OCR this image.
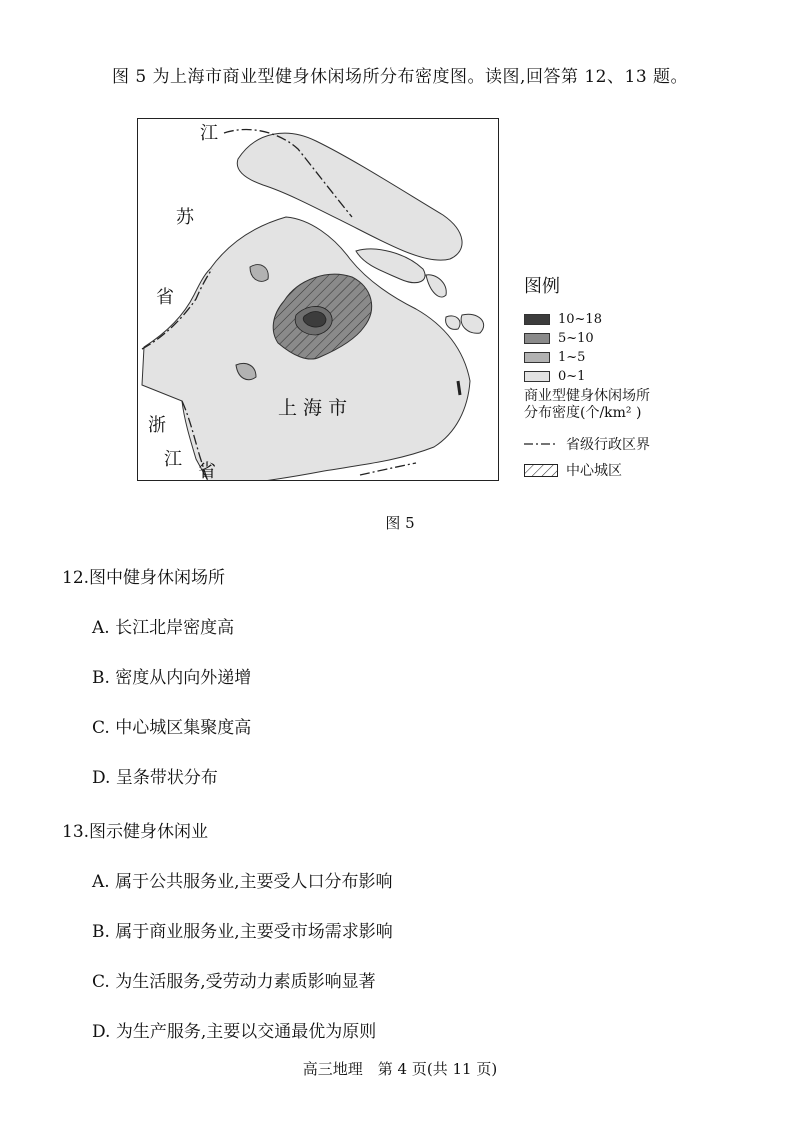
图 5 为上海市商业型健身休闲场所分布密度图。读图,回答第 12、13 题。

江
苏
省
浙
江
省
上 海 市
图例
10~18
5~10
1~5
0~1
商业型健身休闲场所
分布密度(个/km² )
省级行政区界
中心城区

图 5

12.图中健身休闲场所

A. 长江北岸密度高

B. 密度从内向外递增

C. 中心城区集聚度高

D. 呈条带状分布

13.图示健身休闲业

A. 属于公共服务业,主要受人口分布影响

B. 属于商业服务业,主要受市场需求影响

C. 为生活服务,受劳动力素质影响显著

D. 为生产服务,主要以交通最优为原则

高三地理　第 4 页(共 11 页)
